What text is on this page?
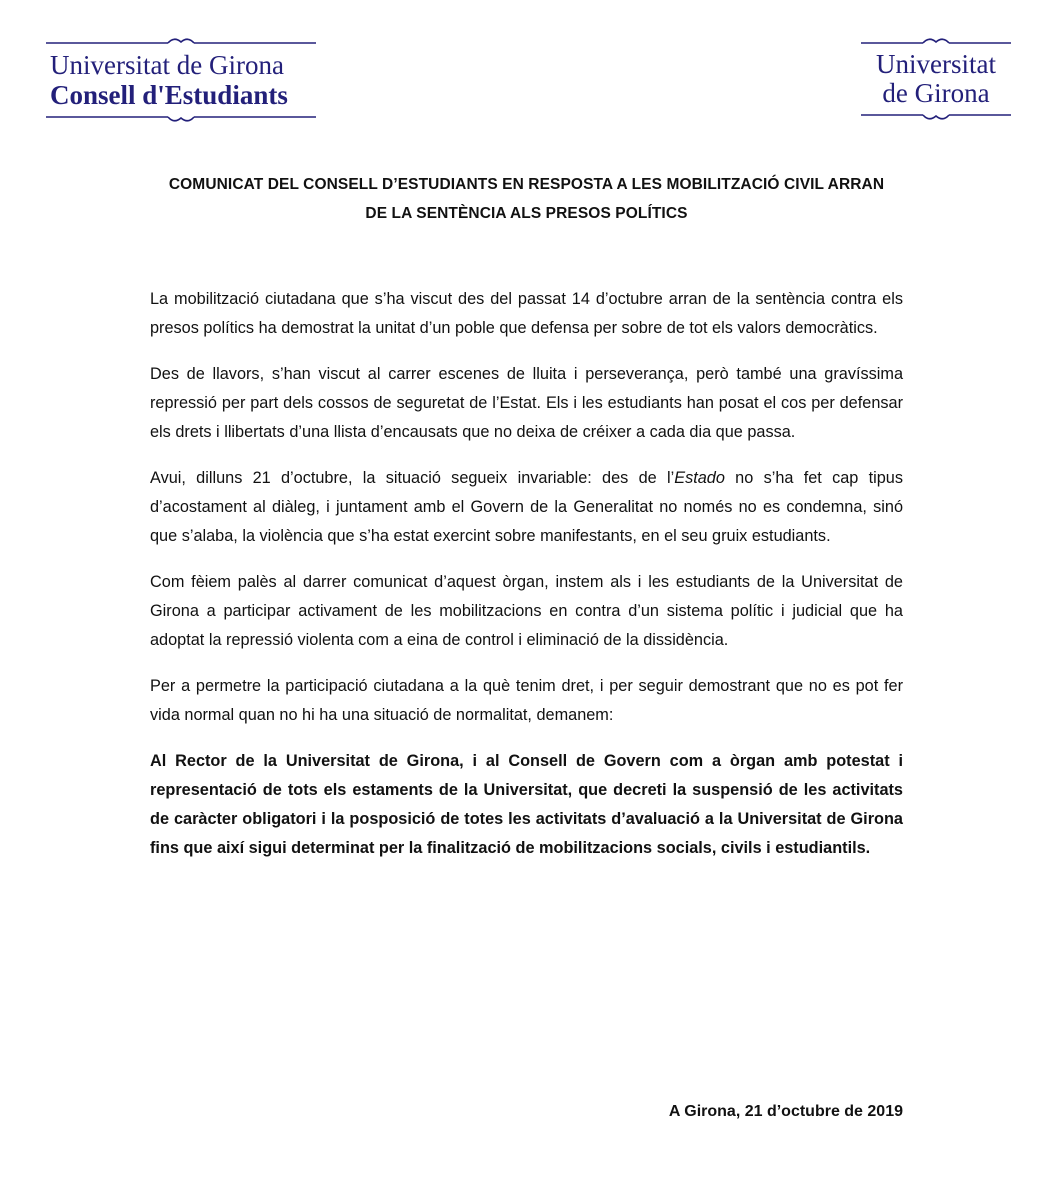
Universitat de Girona
Consell d'Estudiants
Universitat
de Girona
COMUNICAT DEL CONSELL D’ESTUDIANTS EN RESPOSTA A LES MOBILITZACIÓ CIVIL ARRAN
DE LA SENTÈNCIA ALS PRESOS POLÍTICS

La mobilització ciutadana que s’ha viscut des del passat 14 d’octubre arran de la sentència contra els presos polítics ha demostrat la unitat d’un poble que defensa per sobre de tot els valors democràtics.

Des de llavors, s’han viscut al carrer escenes de lluita i perseverança, però també una gravíssima repressió per part dels cossos de seguretat de l’Estat. Els i les estudiants han posat el cos per defensar els drets i llibertats d’una llista d’encausats que no deixa de créixer a cada dia que passa.

Avui, dilluns 21 d’octubre, la situació segueix invariable: des de l’Estado no s’ha fet cap tipus d’acostament al diàleg, i juntament amb el Govern de la Generalitat no només no es condemna, sinó que s’alaba, la violència que s’ha estat exercint sobre manifestants, en el seu gruix estudiants.

Com fèiem palès al darrer comunicat d’aquest òrgan, instem als i les estudiants de la Universitat de Girona a participar activament de les mobilitzacions en contra d’un sistema polític i judicial que ha adoptat la repressió violenta com a eina de control i eliminació de la dissidència.

Per a permetre la participació ciutadana a la què tenim dret, i per seguir demostrant que no es pot fer vida normal quan no hi ha una situació de normalitat, demanem:

Al Rector de la Universitat de Girona, i al Consell de Govern com a òrgan amb potestat i representació de tots els estaments de la Universitat, que decreti la suspensió de les activitats de caràcter obligatori i la posposició de totes les activitats d’avaluació a la Universitat de Girona fins que així sigui determinat per la finalització de mobilitzacions socials, civils i estudiantils.

A Girona, 21 d’octubre de 2019
